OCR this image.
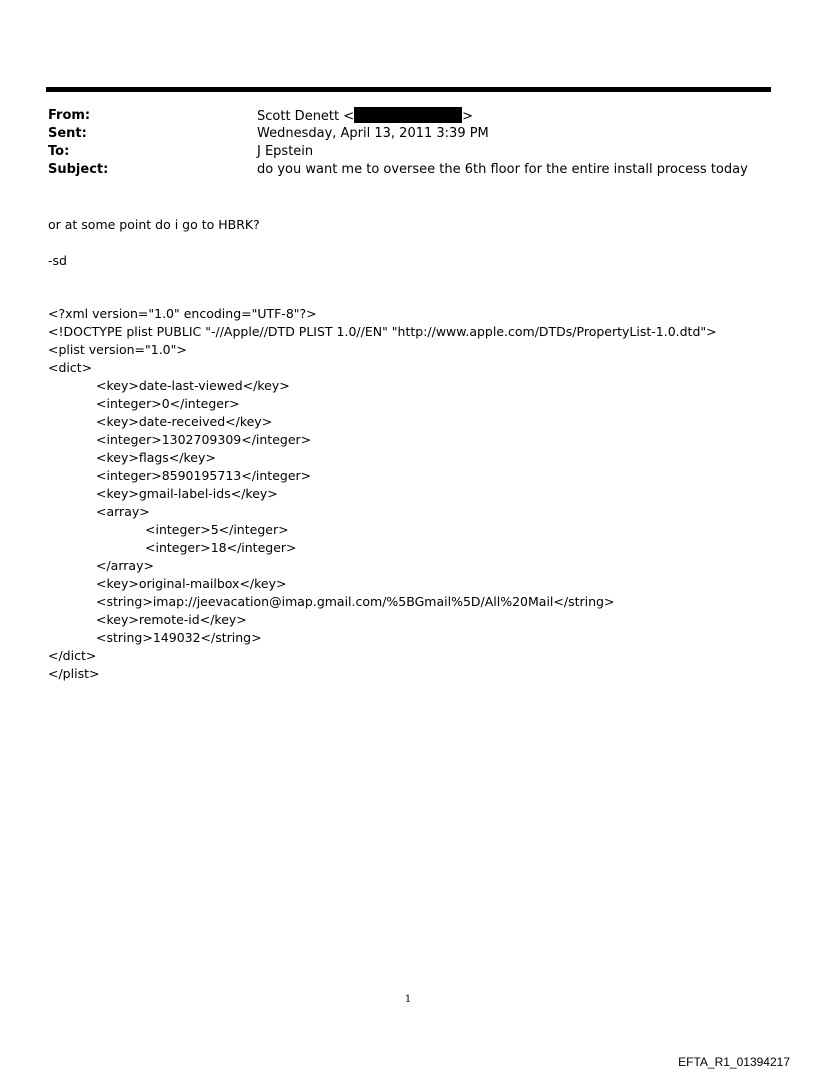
From:	Scott Denett <	>
Sent:	Wednesday, April 13, 2011 3:39 PM
To:	J Epstein
Subject:	do you want me to oversee the 6th floor for the entire install process today
or at some point do i go to HBRK?
-sd
<?xml version="1.0" encoding="UTF-8"?>
<!DOCTYPE plist PUBLIC "-//Apple//DTD PLIST 1.0//EN" "http://www.apple.com/DTDs/PropertyList-1.0.dtd">
<plist version="1.0">
<dict>
<key>date-last-viewed</key>
<integer>0</integer>
<key>date-received</key>
<integer>1302709309</integer>
<key>flags</key>
<integer>8590195713</integer>
<key>gmail-label-ids</key>
<array>
<integer>5</integer>
<integer>18</integer>
</array>
<key>original-mailbox</key>
<string>imap://jeevacation@imap.gmail.com/%5BGmail%5D/All%20Mail</string>
<key>remote-id</key>
<string>149032</string>
</dict>
</plist>
1
EFTA_R1_01394217
